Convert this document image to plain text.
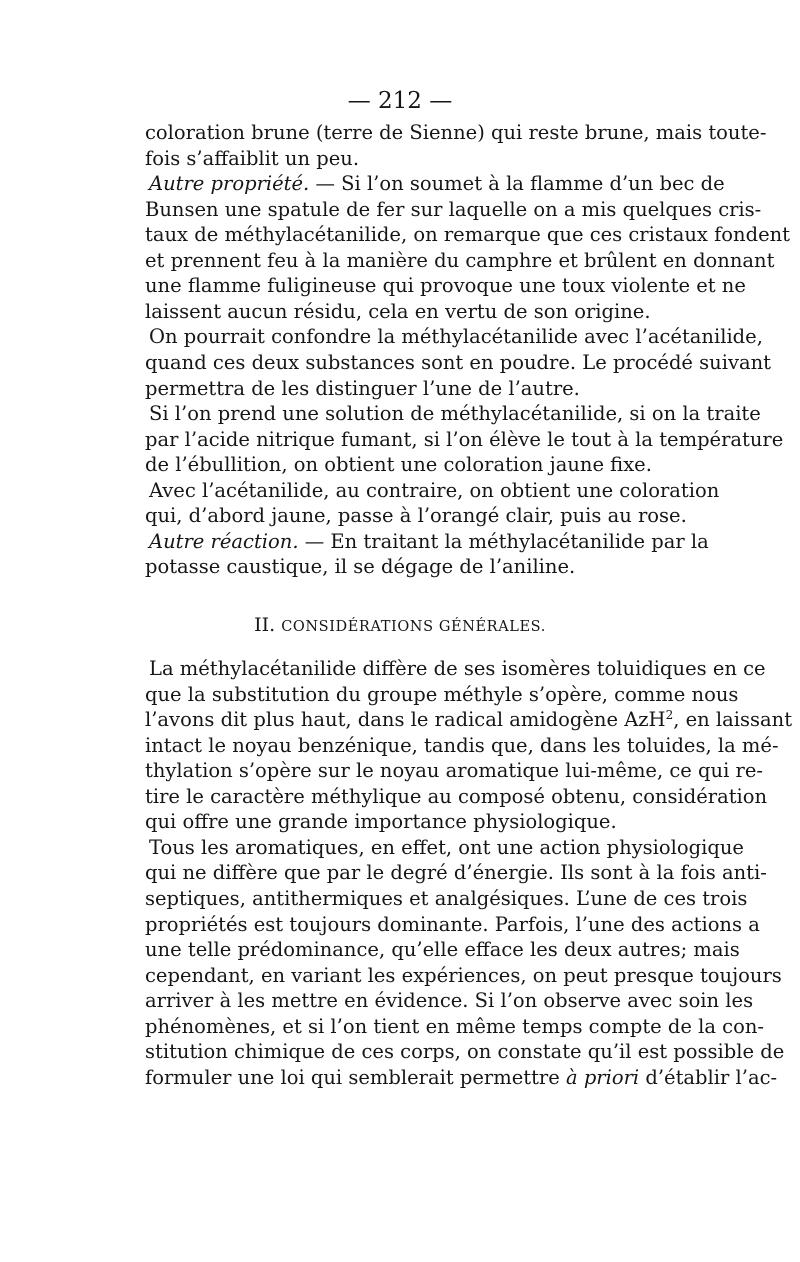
— 212 —
coloration brune (terre de Sienne) qui reste brune, mais toute-
fois s’affaiblit un peu.
Autre propriété. — Si l’on soumet à la flamme d’un bec de
Bunsen une spatule de fer sur laquelle on a mis quelques cris-
taux de méthylacétanilide, on remarque que ces cristaux fondent
et prennent feu à la manière du camphre et brûlent en donnant
une flamme fuligineuse qui provoque une toux violente et ne
laissent aucun résidu, cela en vertu de son origine.
On pourrait confondre la méthylacétanilide avec l’acétanilide,
quand ces deux substances sont en poudre. Le procédé suivant
permettra de les distinguer l’une de l’autre.
Si l’on prend une solution de méthylacétanilide, si on la traite
par l’acide nitrique fumant, si l’on élève le tout à la température
de l’ébullition, on obtient une coloration jaune fixe.
Avec l’acétanilide, au contraire, on obtient une coloration
qui, d’abord jaune, passe à l’orangé clair, puis au rose.
Autre réaction. — En traitant la méthylacétanilide par la
potasse caustique, il se dégage de l’aniline.
II. CONSIDÉRATIONS GÉNÉRALES.
La méthylacétanilide diffère de ses isomères toluidiques en ce
que la substitution du groupe méthyle s’opère, comme nous
l’avons dit plus haut, dans le radical amidogène AzH$^2$, en laissant
intact le noyau benzénique, tandis que, dans les toluides, la mé-
thylation s’opère sur le noyau aromatique lui-même, ce qui re-
tire le caractère méthylique au composé obtenu, considération
qui offre une grande importance physiologique.
Tous les aromatiques, en effet, ont une action physiologique
qui ne diffère que par le degré d’énergie. Ils sont à la fois anti-
septiques, antithermiques et analgésiques. L’une de ces trois
propriétés est toujours dominante. Parfois, l’une des actions a
une telle prédominance, qu’elle efface les deux autres; mais
cependant, en variant les expériences, on peut presque toujours
arriver à les mettre en évidence. Si l’on observe avec soin les
phénomènes, et si l’on tient en même temps compte de la con-
stitution chimique de ces corps, on constate qu’il est possible de
formuler une loi qui semblerait permettre à priori d’établir l’ac-
